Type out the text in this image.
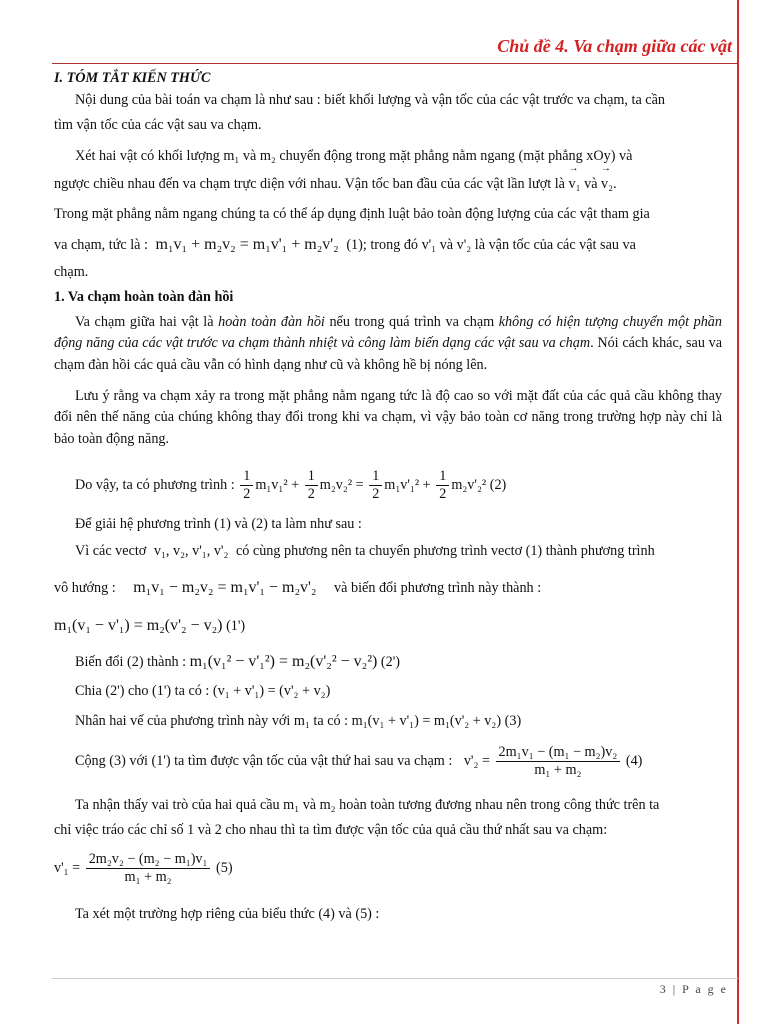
Chủ đề 4. Va chạm giữa các vật
I. TÓM TẮT KIẾN THỨC
Nội dung của bài toán va chạm là như sau : biết khối lượng và vận tốc của các vật trước va chạm, ta cần
tìm vận tốc của các vật sau va chạm.
Xét hai vật có khối lượng m₁ và m₂ chuyển động trong mặt phẳng nằm ngang (mặt phẳng xOy) và
ngược chiều nhau đến va chạm trực diện với nhau. Vận tốc ban đầu của các vật lần lượt là → v₁ và → v₂.
Trong mặt phẳng nằm ngang chúng ta có thể áp dụng định luật bảo toàn động lượng của các vật tham gia
va chạm, tức là : m₁v₁ + m₂v₂ = m₁v'₁ + m₂v'₂ (1); trong đó v'₁ và v'₂ là vận tốc của các vật sau va
chạm.
1. Va chạm hoàn toàn đàn hồi
Va chạm giữa hai vật là hoàn toàn đàn hồi nếu trong quá trình va chạm không có hiện tượng chuyển một phần động năng của các vật trước va chạm thành nhiệt và công làm biến dạng các vật sau va chạm. Nói cách khác, sau va chạm đàn hồi các quả cầu vẫn có hình dạng như cũ và không hề bị nóng lên.
Lưu ý rằng va chạm xảy ra trong mặt phẳng nằm ngang tức là độ cao so với mặt đất của các quả cầu không thay đổi nên thế năng của chúng không thay đổi trong khi va chạm, vì vậy bảo toàn cơ năng trong trường hợp này chỉ là bảo toàn động năng.
Do vậy, ta có phương trình : $\frac{1}{2} m_1v_1^2 + \frac{1}{2} m_2v_2^2 = \frac{1}{2} m_1v'_1^2 + \frac{1}{2} m_2v'_2^2$ (2)
Để giải hệ phương trình (1) và (2) ta làm như sau :
Vì các vectơ v₁, v₂, v'₁, v'₂ có cùng phương nên ta chuyển phương trình vectơ (1) thành phương trình
vô hướng : m₁v₁ − m₂v₂ = m₁v'₁ − m₂v'₂ và biến đổi phương trình này thành :
m₁(v₁ − v'₁) = m₂(v'₂ − v₂) (1')
Biến đổi (2) thành : m₁(v₁² − v'₁²) = m₂(v'₂² − v₂²) (2')
Chia (2') cho (1') ta có : (v₁ + v'₁) = (v'₂ + v₂)
Nhân hai vế của phương trình này với m₁ ta có : m₁(v₁ + v'₁) = m₁(v'₂ + v₂) (3)
Cộng (3) với (1') ta tìm được vận tốc của vật thứ hai sau va chạm : $v'_2 = \frac{\text{2m₁v₁ − (m₁ − m₂)v₂}}{\text{m₁ + m₂}} (4)$
Ta nhận thấy vai trò của hai quả cầu m₁ và m₂ hoàn toàn tương đương nhau nên trong công thức trên ta
chỉ việc tráo các chỉ số 1 và 2 cho nhau thì ta tìm được vận tốc của quả cầu thứ nhất sau va chạm:
$v'_1 = \frac{\text{2m₂v₂ − (m₂ − m₁)v₁}}{\text{m₁ + m₂}} (5)$
Ta xét một trường hợp riêng của biểu thức (4) và (5) :
3 | P a g e
